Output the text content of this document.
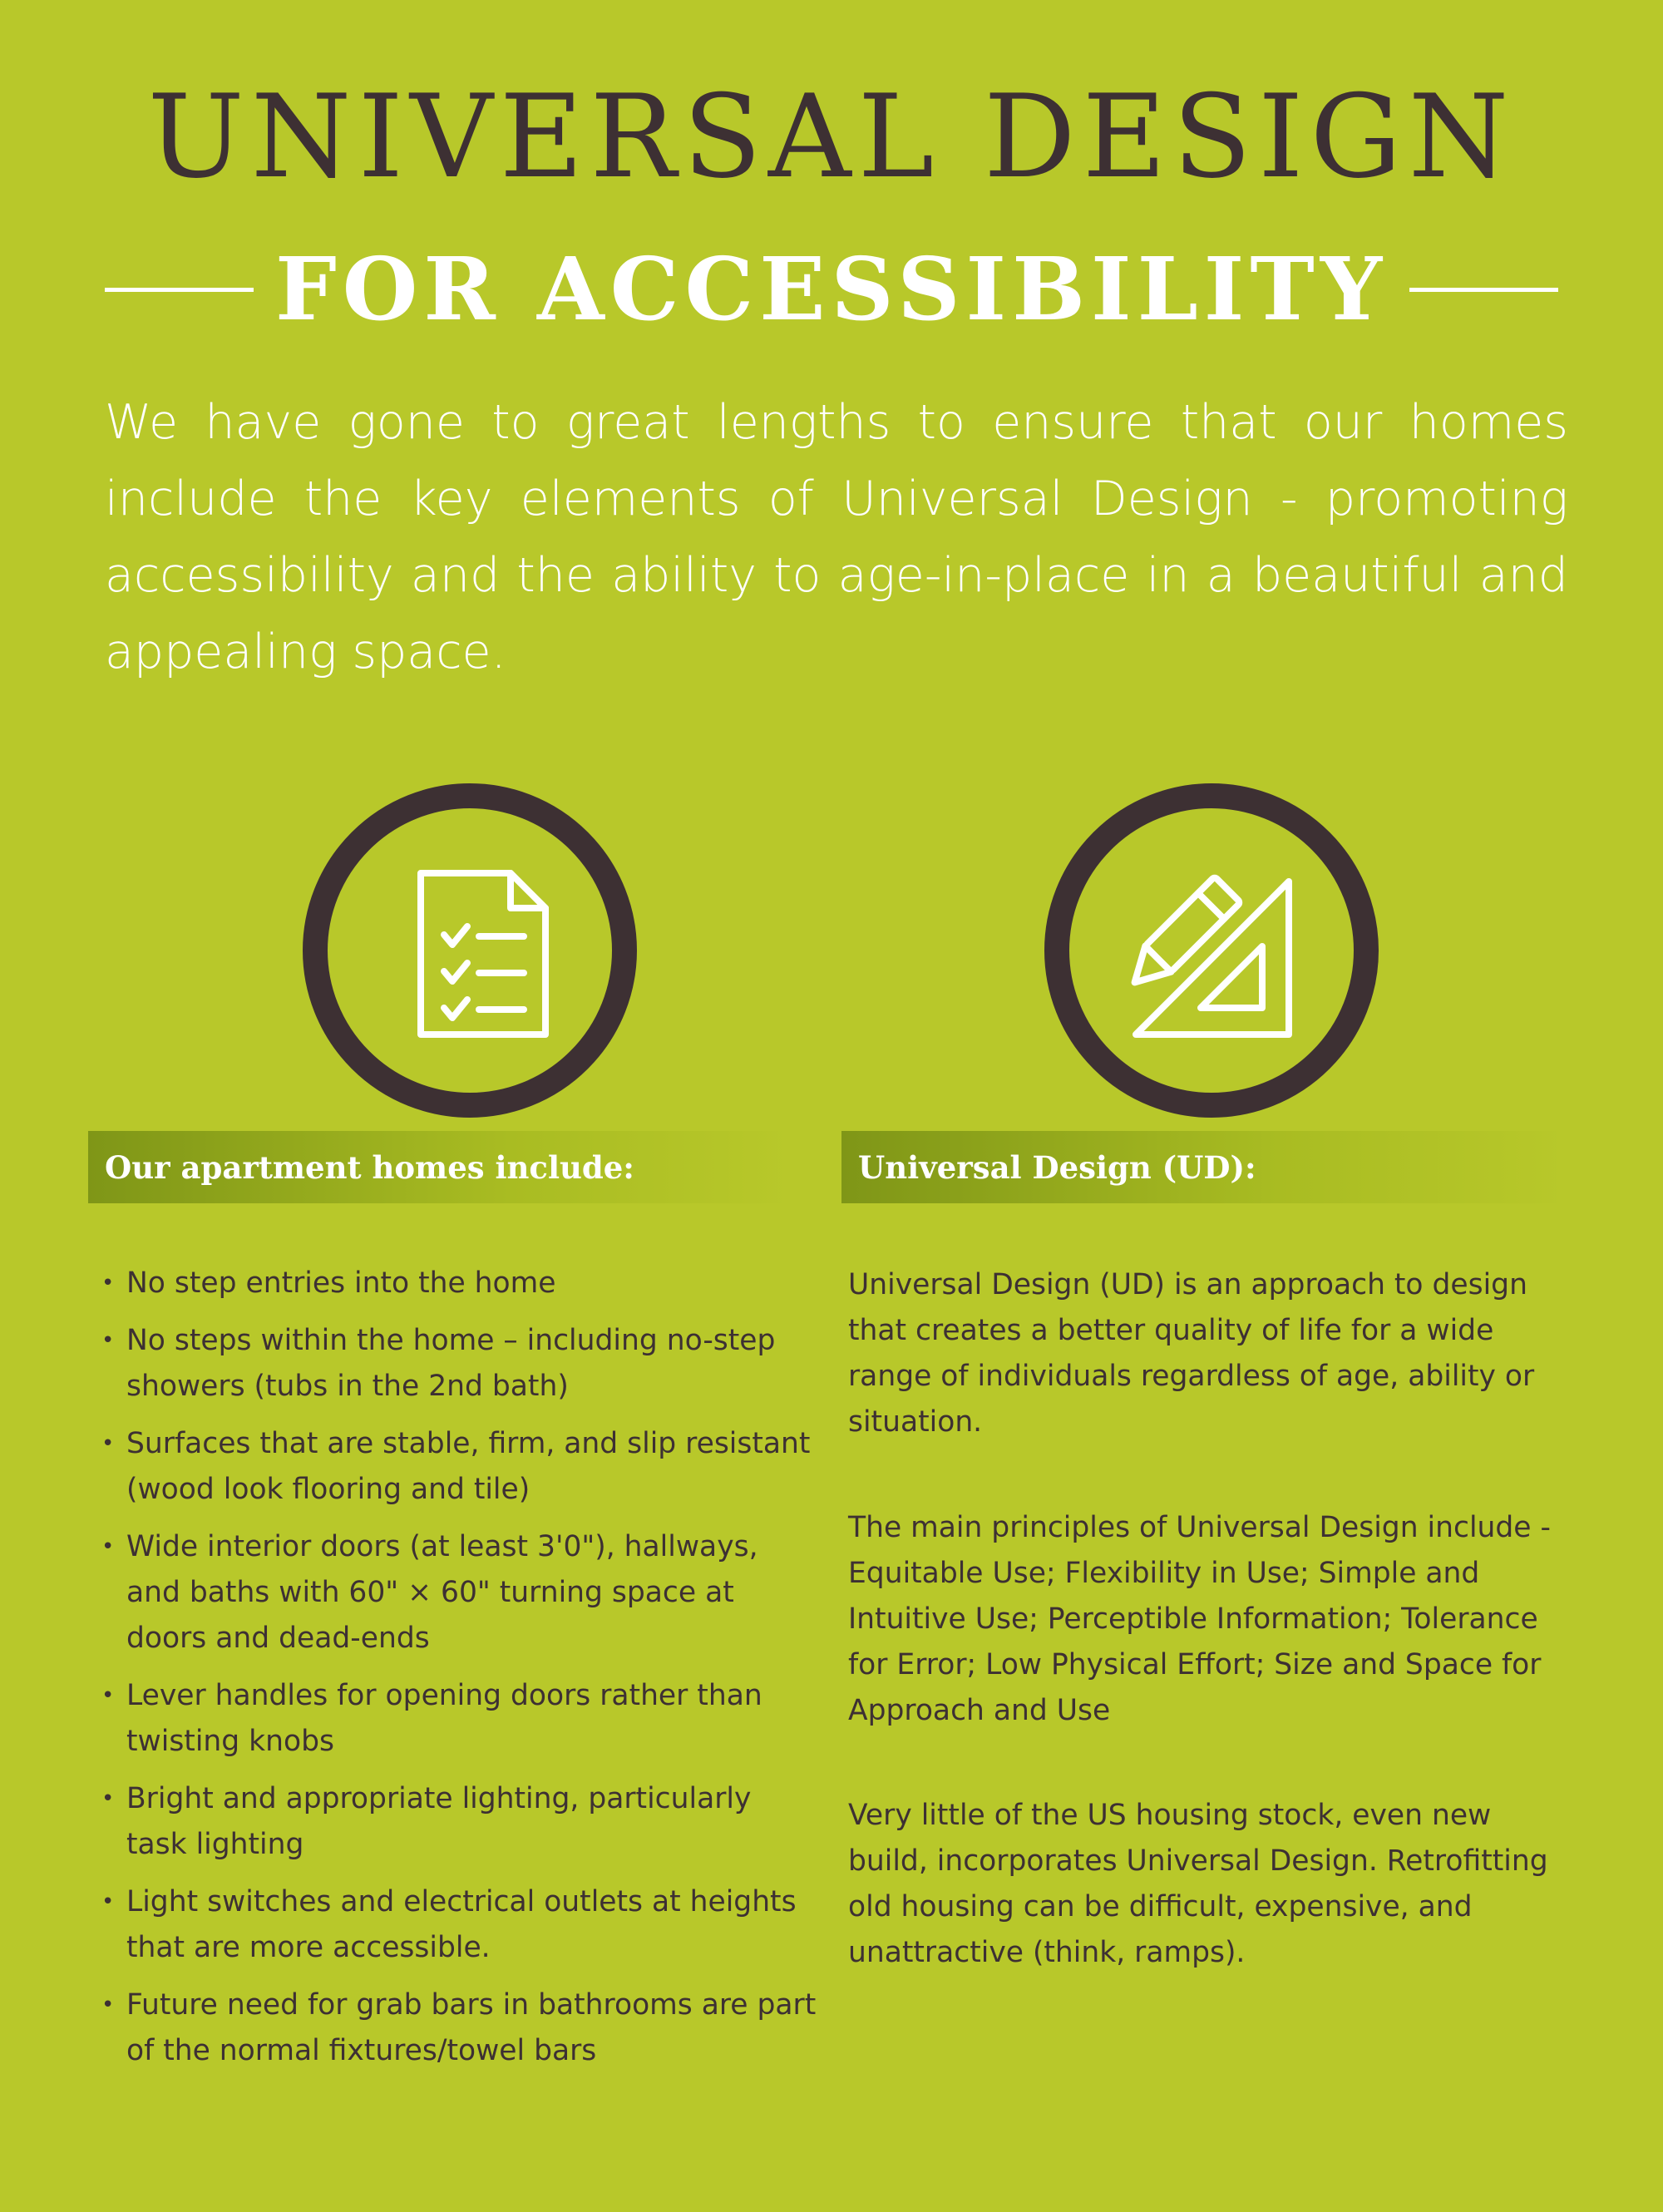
UNIVERSAL DESIGN
FOR ACCESSIBILITY

We have gone to great lengths to ensure that our homes include the key elements of Universal Design - promoting accessibility and the ability to age-in-place in a beautiful and appealing space.

Our apartment homes include:	Universal Design (UD):
• No step entries into the home
• No steps within the home – including no-step showers (tubs in the 2nd bath)
• Surfaces that are stable, firm, and slip resistant (wood look flooring and tile)
• Wide interior doors (at least 3'0"), hallways, and baths with 60" × 60" turning space at doors and dead-ends
• Lever handles for opening doors rather than twisting knobs
• Bright and appropriate lighting, particularly task lighting
• Light switches and electrical outlets at heights that are more accessible.
• Future need for grab bars in bathrooms are part of the normal fixtures/towel bars

Universal Design (UD) is an approach to design that creates a better quality of life for a wide range of individuals regardless of age, ability or situation.

The main principles of Universal Design include - Equitable Use; Flexibility in Use; Simple and Intuitive Use; Perceptible Information; Tolerance for Error; Low Physical Effort; Size and Space for Approach and Use

Very little of the US housing stock, even new build, incorporates Universal Design. Retrofitting old housing can be difficult, expensive, and unattractive (think, ramps).
